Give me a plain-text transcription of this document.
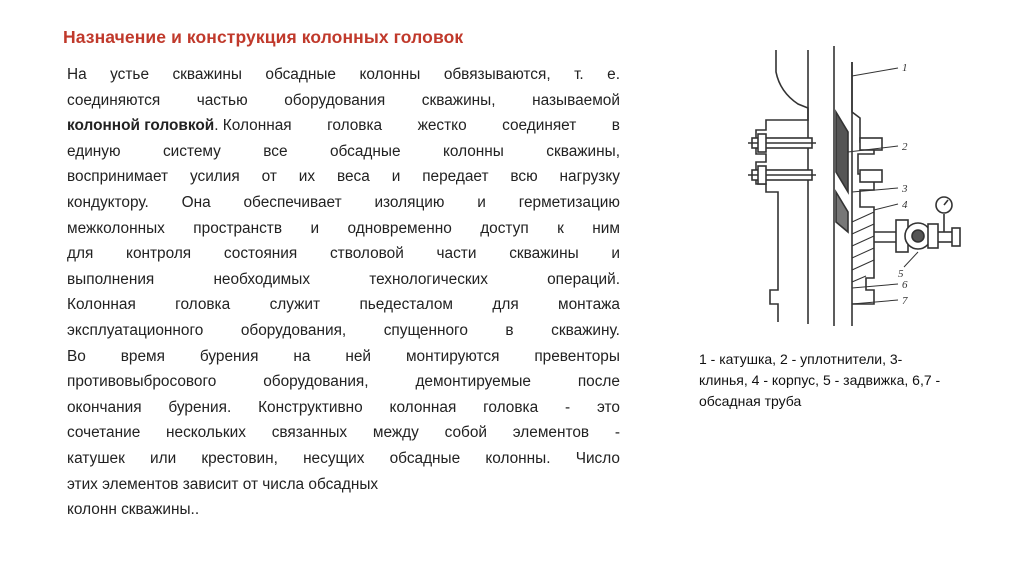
Назначение и конструкция колонных головок
На устье скважины обсадные колонны обвязываются, т. е.
соединяются частью оборудования скважины, называемой
колонной головкой. Колонная головка жестко соединяет в
единую	систему	все	обсадные	колонны	скважины,
воспринимает усилия от их веса и передает всю нагрузку
кондуктору. Она обеспечивает изоляцию и герметизацию
межколонных пространств и одновременно доступ к ним
для контроля состояния стволовой части скважины и
выполнения	необходимых	технологических	операций.
Колонная	головка	служит	пьедесталом	для	монтажа
эксплуатационного оборудования, спущенного в скважину.
Во время бурения на ней монтируются превенторы
противовыбросового	оборудования,	демонтируемые	после
окончания бурения. Конструктивно колонная головка - это
сочетание нескольких связанных между собой элементов -
катушек или крестовин, несущих обсадные колонны. Число
этих элементов зависит от числа обсадных
колонн скважины..
1
2
3
4
5
6
7
1 - катушка, 2 - уплотнители, 3-
клинья, 4 - корпус, 5 - задвижка, 6,7 -
обсадная труба
